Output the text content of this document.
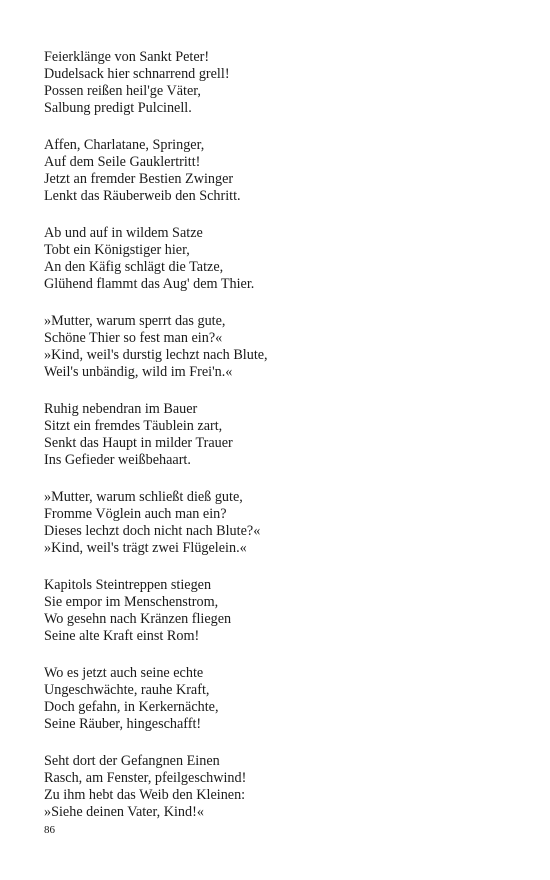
Feierklänge von Sankt Peter!
Dudelsack hier schnarrend grell!
Possen reißen heil'ge Väter,
Salbung predigt Pulcinell.
Affen, Charlatane, Springer,
Auf dem Seile Gauklertritt!
Jetzt an fremder Bestien Zwinger
Lenkt das Räuberweib den Schritt.
Ab und auf in wildem Satze
Tobt ein Königstiger hier,
An den Käfig schlägt die Tatze,
Glühend flammt das Aug' dem Thier.
»Mutter, warum sperrt das gute,
Schöne Thier so fest man ein?«
»Kind, weil's durstig lechzt nach Blute,
Weil's unbändig, wild im Frei'n.«
Ruhig nebendran im Bauer
Sitzt ein fremdes Täublein zart,
Senkt das Haupt in milder Trauer
Ins Gefieder weißbehaart.
»Mutter, warum schließt dieß gute,
Fromme Vöglein auch man ein?
Dieses lechzt doch nicht nach Blute?«
»Kind, weil's trägt zwei Flügelein.«
Kapitols Steintreppen stiegen
Sie empor im Menschenstrom,
Wo gesehn nach Kränzen fliegen
Seine alte Kraft einst Rom!
Wo es jetzt auch seine echte
Ungeschwächte, rauhe Kraft,
Doch gefahn, in Kerkernächte,
Seine Räuber, hingeschafft!
Seht dort der Gefangnen Einen
Rasch, am Fenster, pfeilgeschwind!
Zu ihm hebt das Weib den Kleinen:
»Siehe deinen Vater, Kind!«
86
